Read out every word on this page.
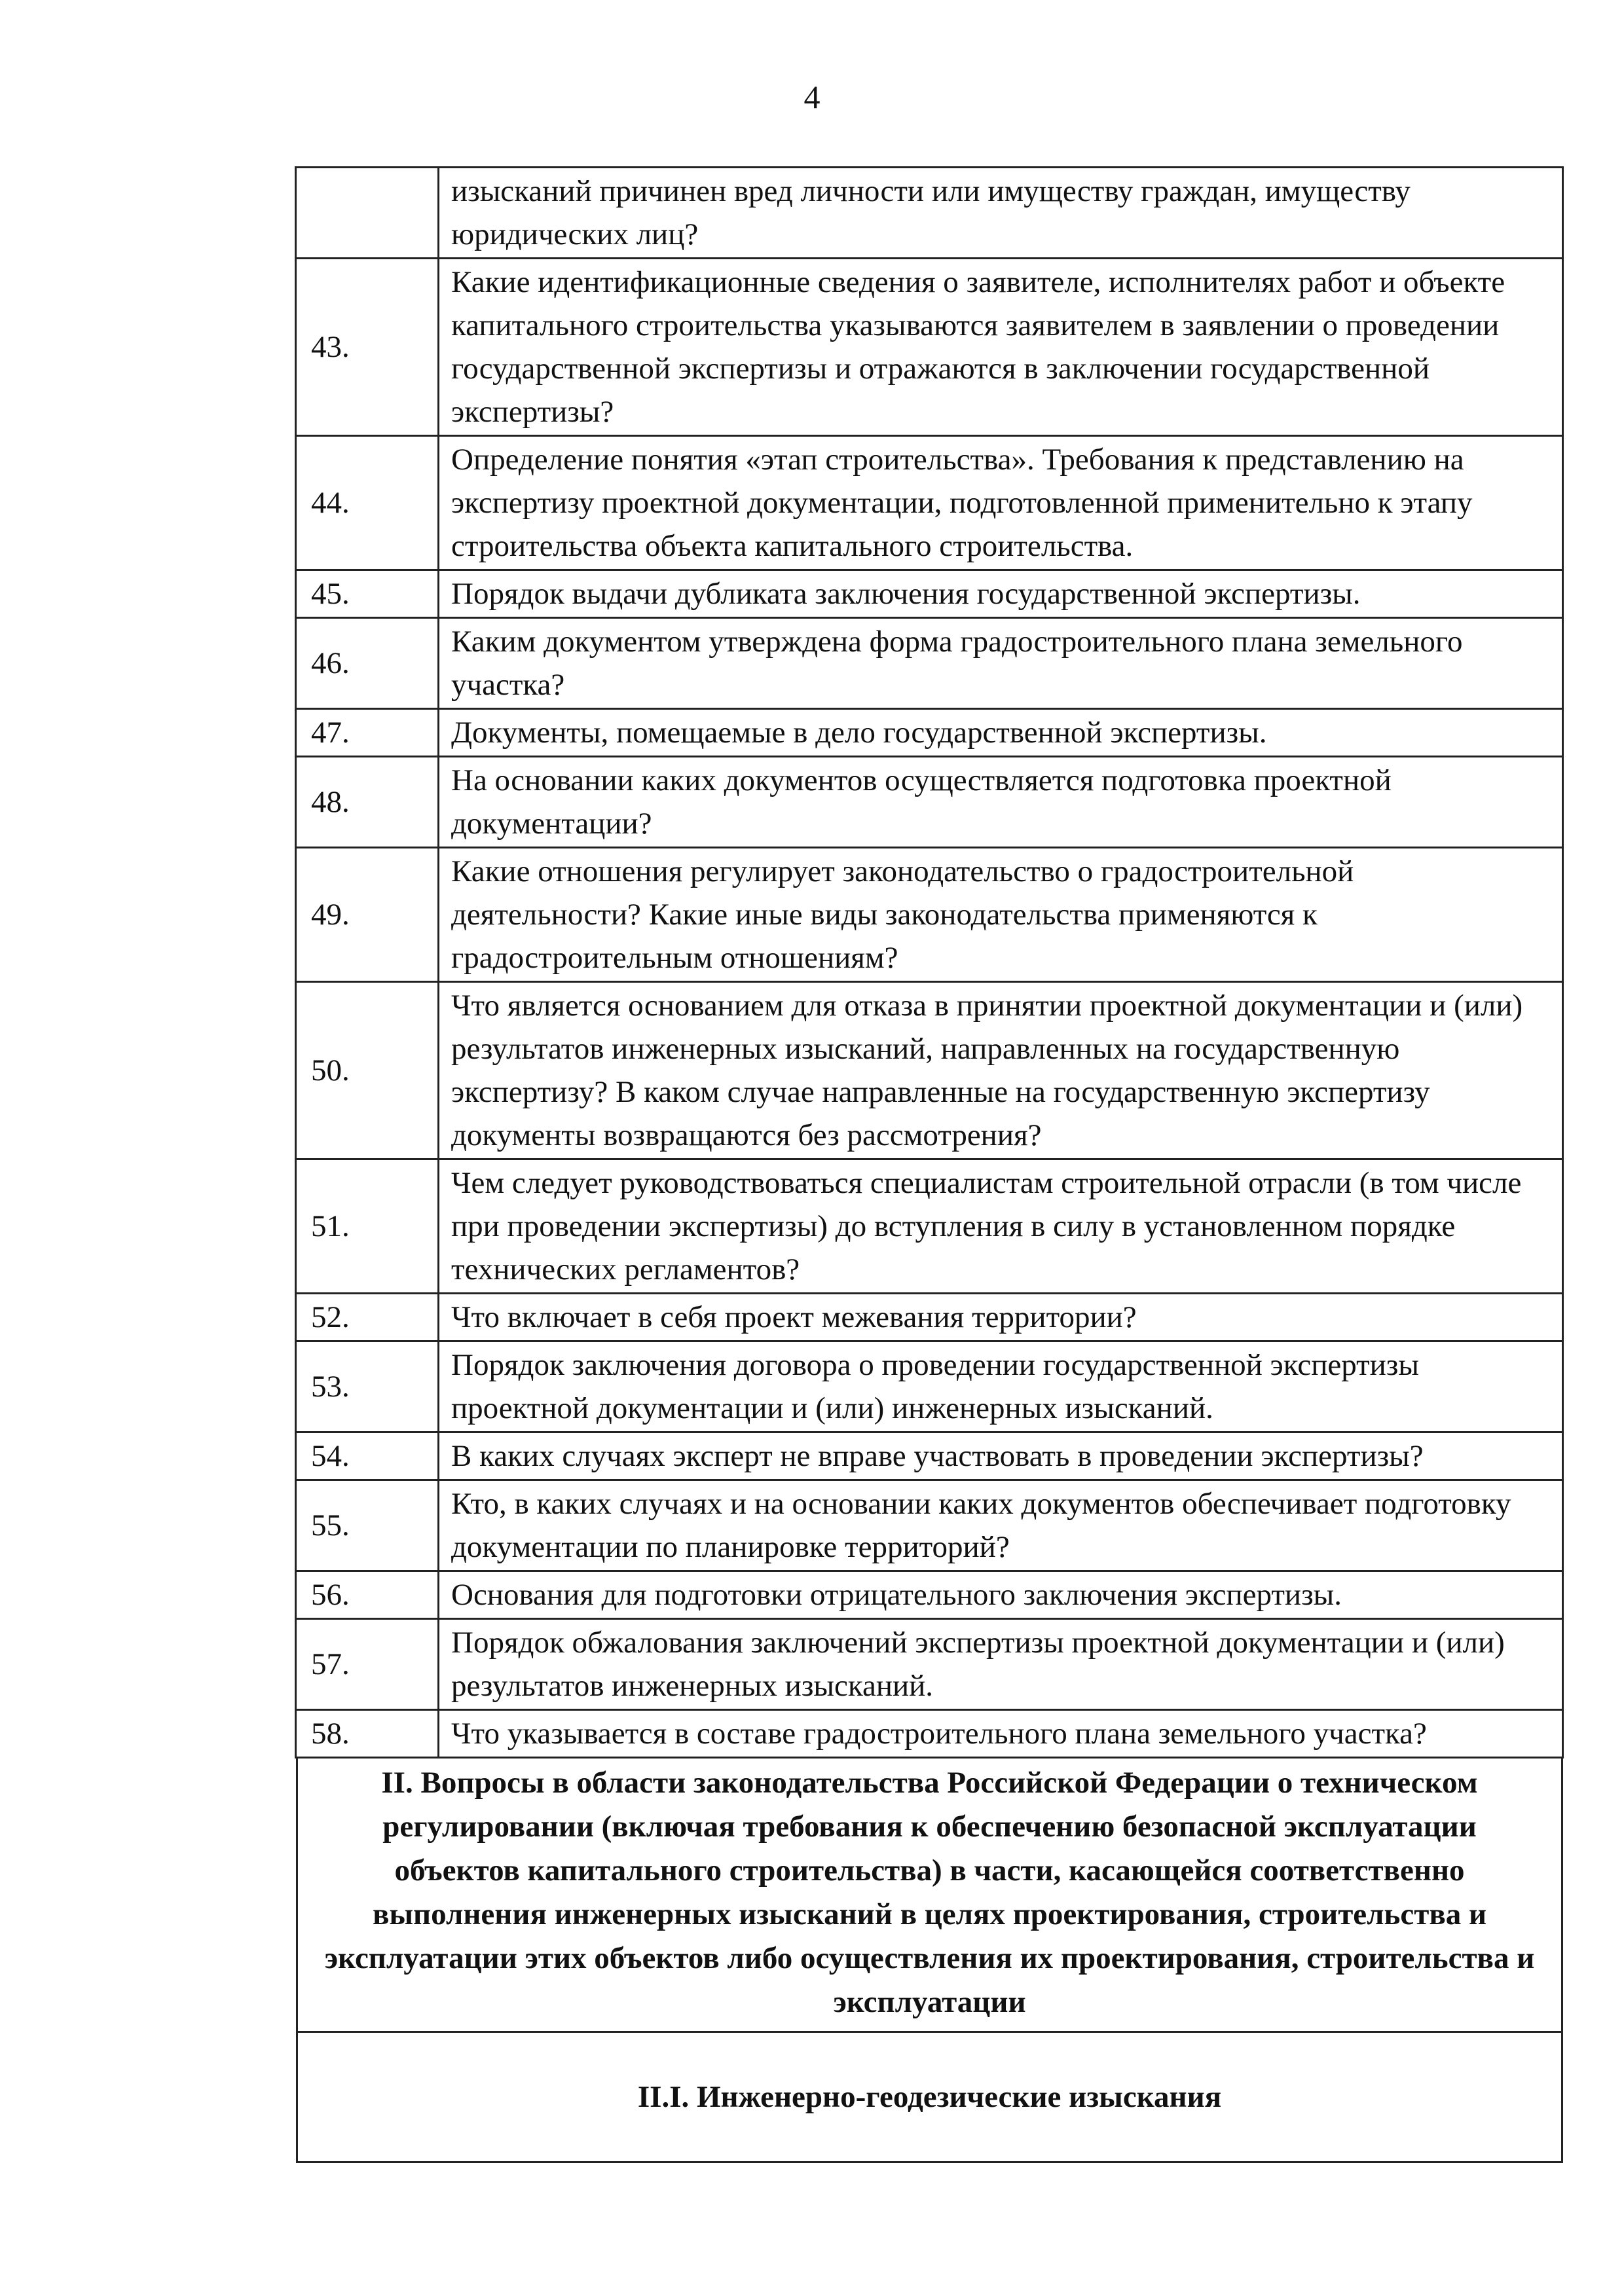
4
	изысканий причинен вред личности или имуществу граждан, имуществу юридических лиц?
43.	Какие идентификационные сведения о заявителе, исполнителях работ и объекте капитального строительства указываются заявителем в заявлении о проведении государственной экспертизы и отражаются в заключении государственной экспертизы?
44.	Определение понятия «этап строительства». Требования к представлению на экспертизу проектной документации, подготовленной применительно к этапу строительства объекта капитального строительства.
45.	Порядок выдачи дубликата заключения государственной экспертизы.
46.	Каким документом утверждена форма градостроительного плана земельного участка?
47.	Документы, помещаемые в дело государственной экспертизы.
48.	На основании каких документов осуществляется подготовка проектной документации?
49.	Какие отношения регулирует законодательство о градостроительной деятельности? Какие иные виды законодательства применяются к градостроительным отношениям?
50.	Что является основанием для отказа в принятии проектной документации и (или) результатов инженерных изысканий, направленных на государственную экспертизу? В каком случае направленные на государственную экспертизу документы возвращаются без рассмотрения?
51.	Чем следует руководствоваться специалистам строительной отрасли (в том числе при проведении экспертизы) до вступления в силу в установленном порядке технических регламентов?
52.	Что включает в себя проект межевания территории?
53.	Порядок заключения договора о проведении государственной экспертизы проектной документации и (или) инженерных изысканий.
54.	В каких случаях эксперт не вправе участвовать в проведении экспертизы?
55.	Кто, в каких случаях и на основании каких документов обеспечивает подготовку документации по планировке территорий?
56.	Основания для подготовки отрицательного заключения экспертизы.
57.	Порядок обжалования заключений экспертизы проектной документации и (или) результатов инженерных изысканий.
58.	Что указывается в составе градостроительного плана земельного участка?
II. Вопросы в области законодательства Российской Федерации о техническом регулировании (включая требования к обеспечению безопасной эксплуатации объектов капитального строительства) в части, касающейся соответственно выполнения инженерных изысканий в целях проектирования, строительства и эксплуатации этих объектов либо осуществления их проектирования, строительства и эксплуатации
II.I. Инженерно-геодезические изыскания
